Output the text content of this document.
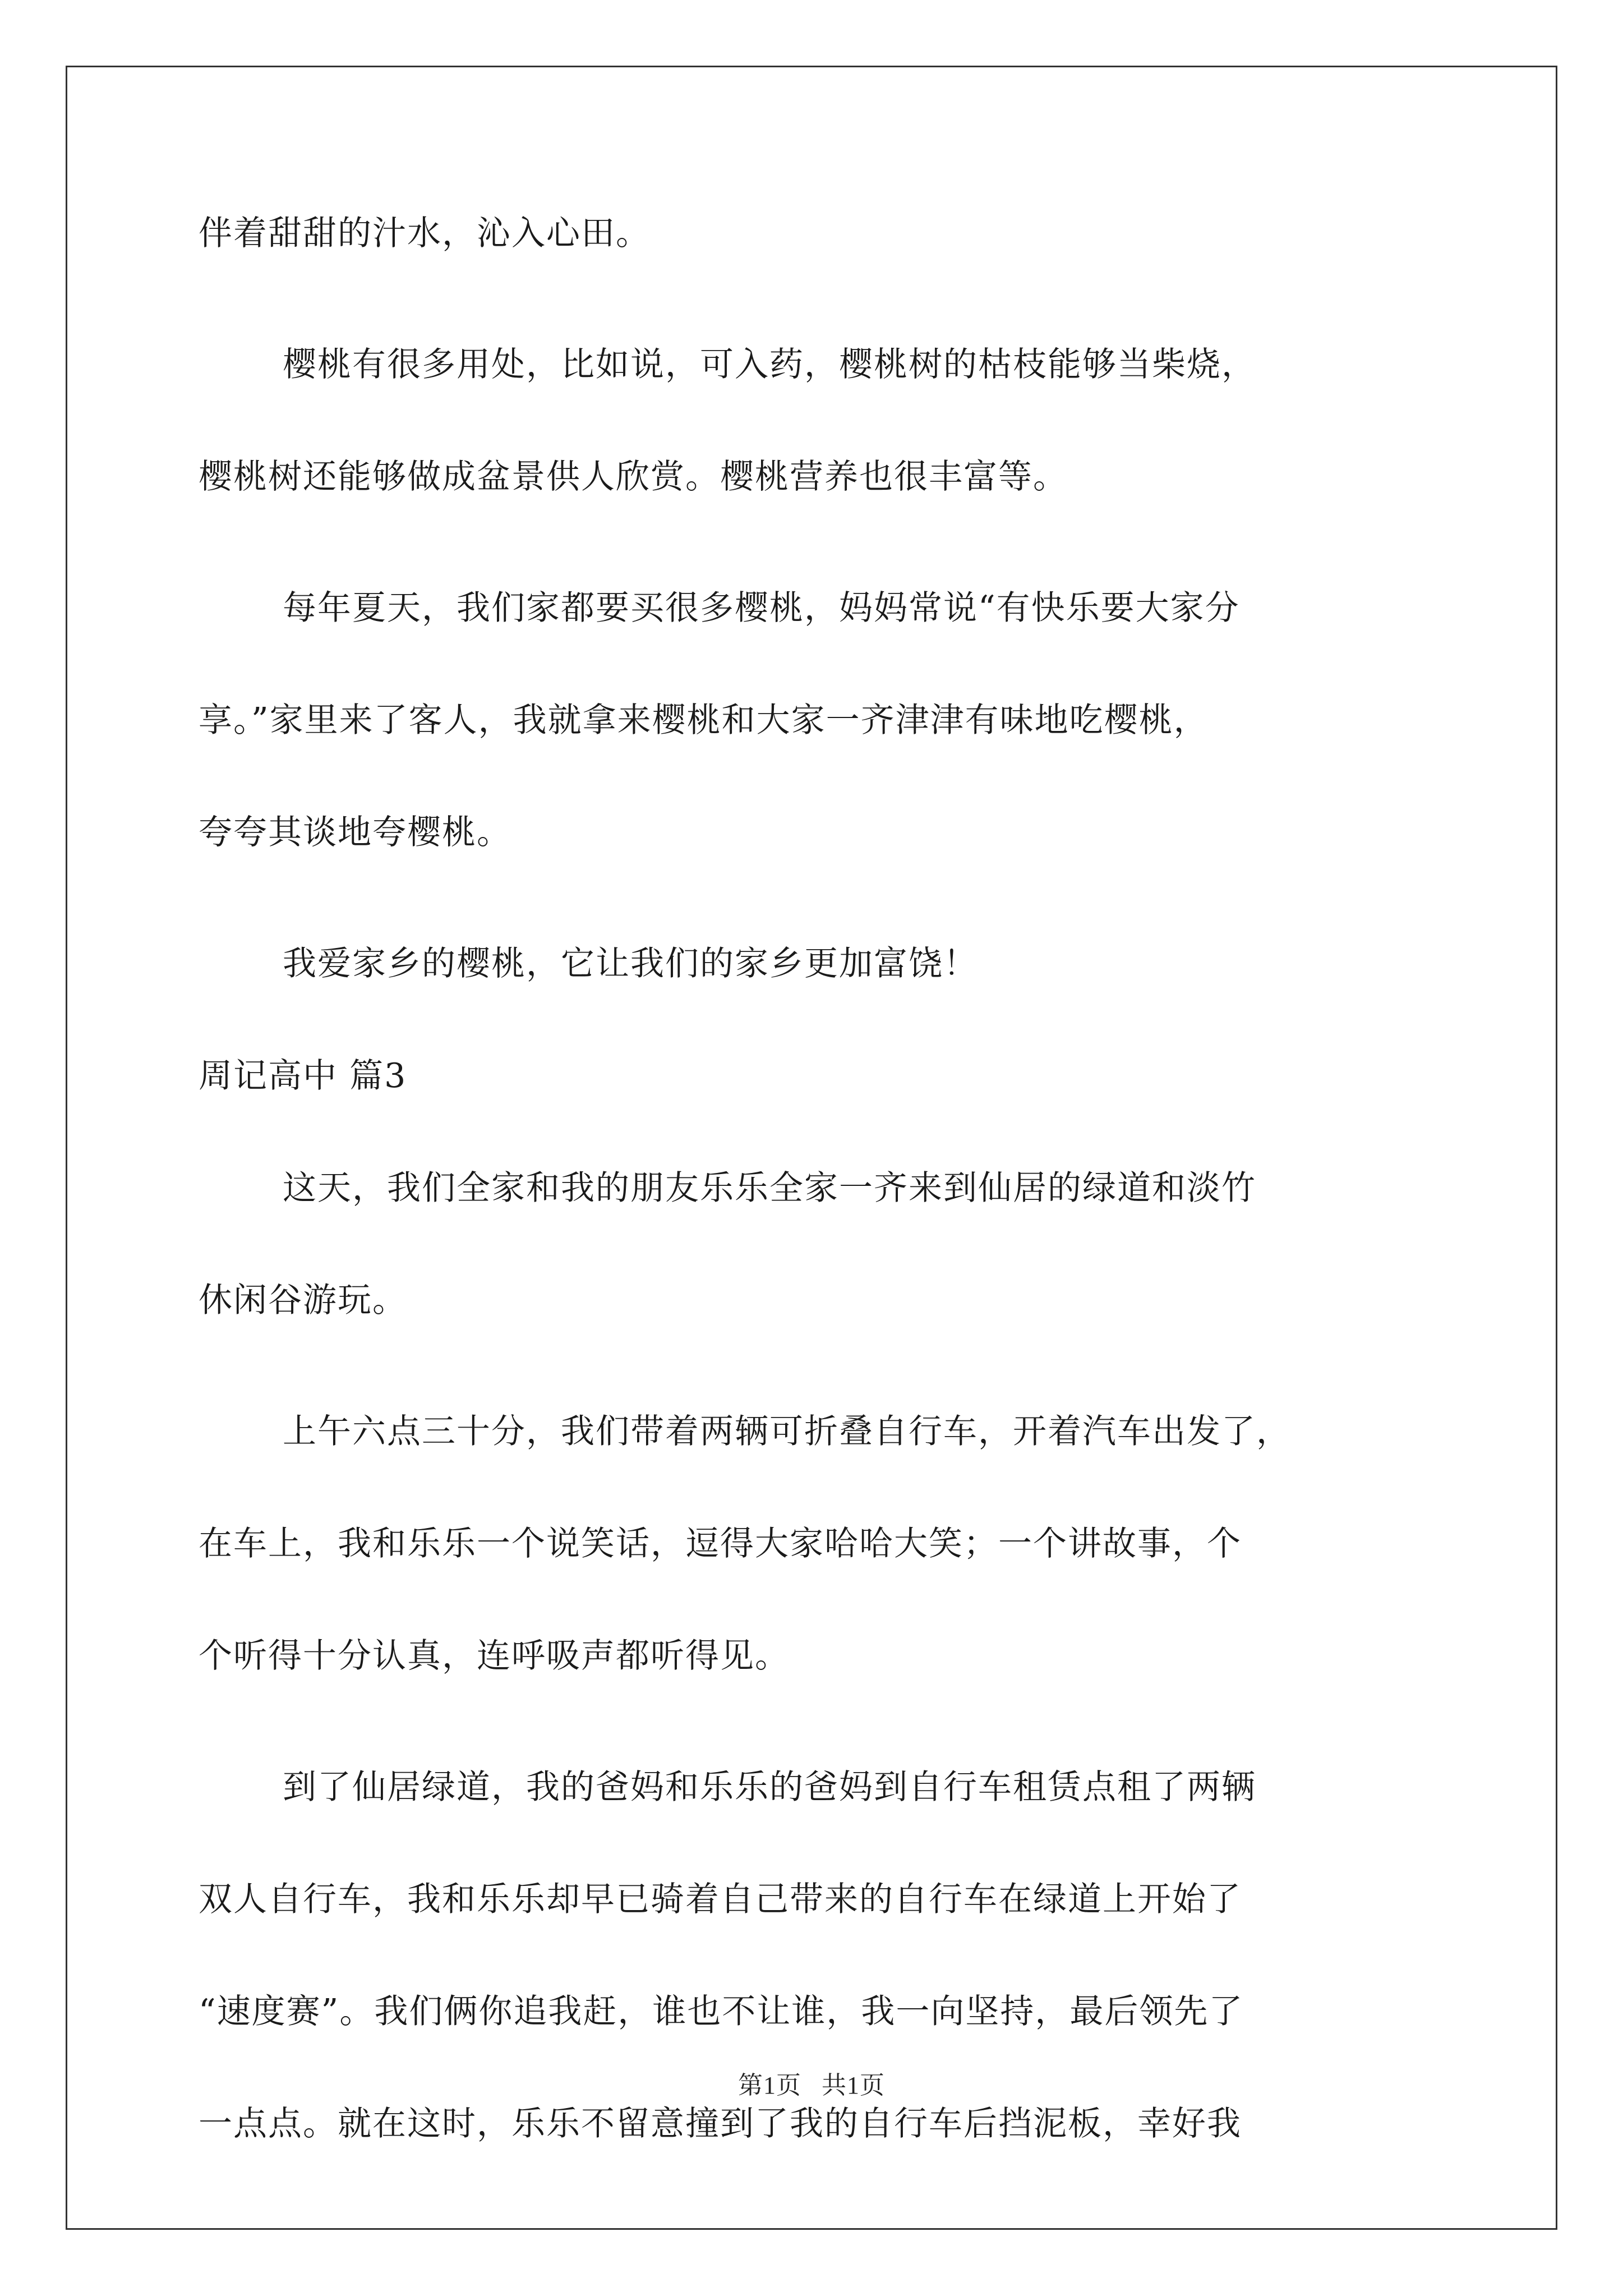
伴着甜甜的汁水，沁入心田。
樱桃有很多用处，比如说，可入药，樱桃树的枯枝能够当柴烧，
樱桃树还能够做成盆景供人欣赏。樱桃营养也很丰富等。
每年夏天，我们家都要买很多樱桃，妈妈常说“有快乐要大家分
享。”家里来了客人，我就拿来樱桃和大家一齐津津有味地吃樱桃，
夸夸其谈地夸樱桃。
我爱家乡的樱桃，它让我们的家乡更加富饶！
周记高中 篇3
这天，我们全家和我的朋友乐乐全家一齐来到仙居的绿道和淡竹
休闲谷游玩。
上午六点三十分，我们带着两辆可折叠自行车，开着汽车出发了，
在车上，我和乐乐一个说笑话，逗得大家哈哈大笑；一个讲故事，个
个听得十分认真，连呼吸声都听得见。
到了仙居绿道，我的爸妈和乐乐的爸妈到自行车租赁点租了两辆
双人自行车，我和乐乐却早已骑着自己带来的自行车在绿道上开始了
“速度赛”。我们俩你追我赶，谁也不让谁，我一向坚持，最后领先了
一点点。就在这时，乐乐不留意撞到了我的自行车后挡泥板，幸好我
第1页 共1页
